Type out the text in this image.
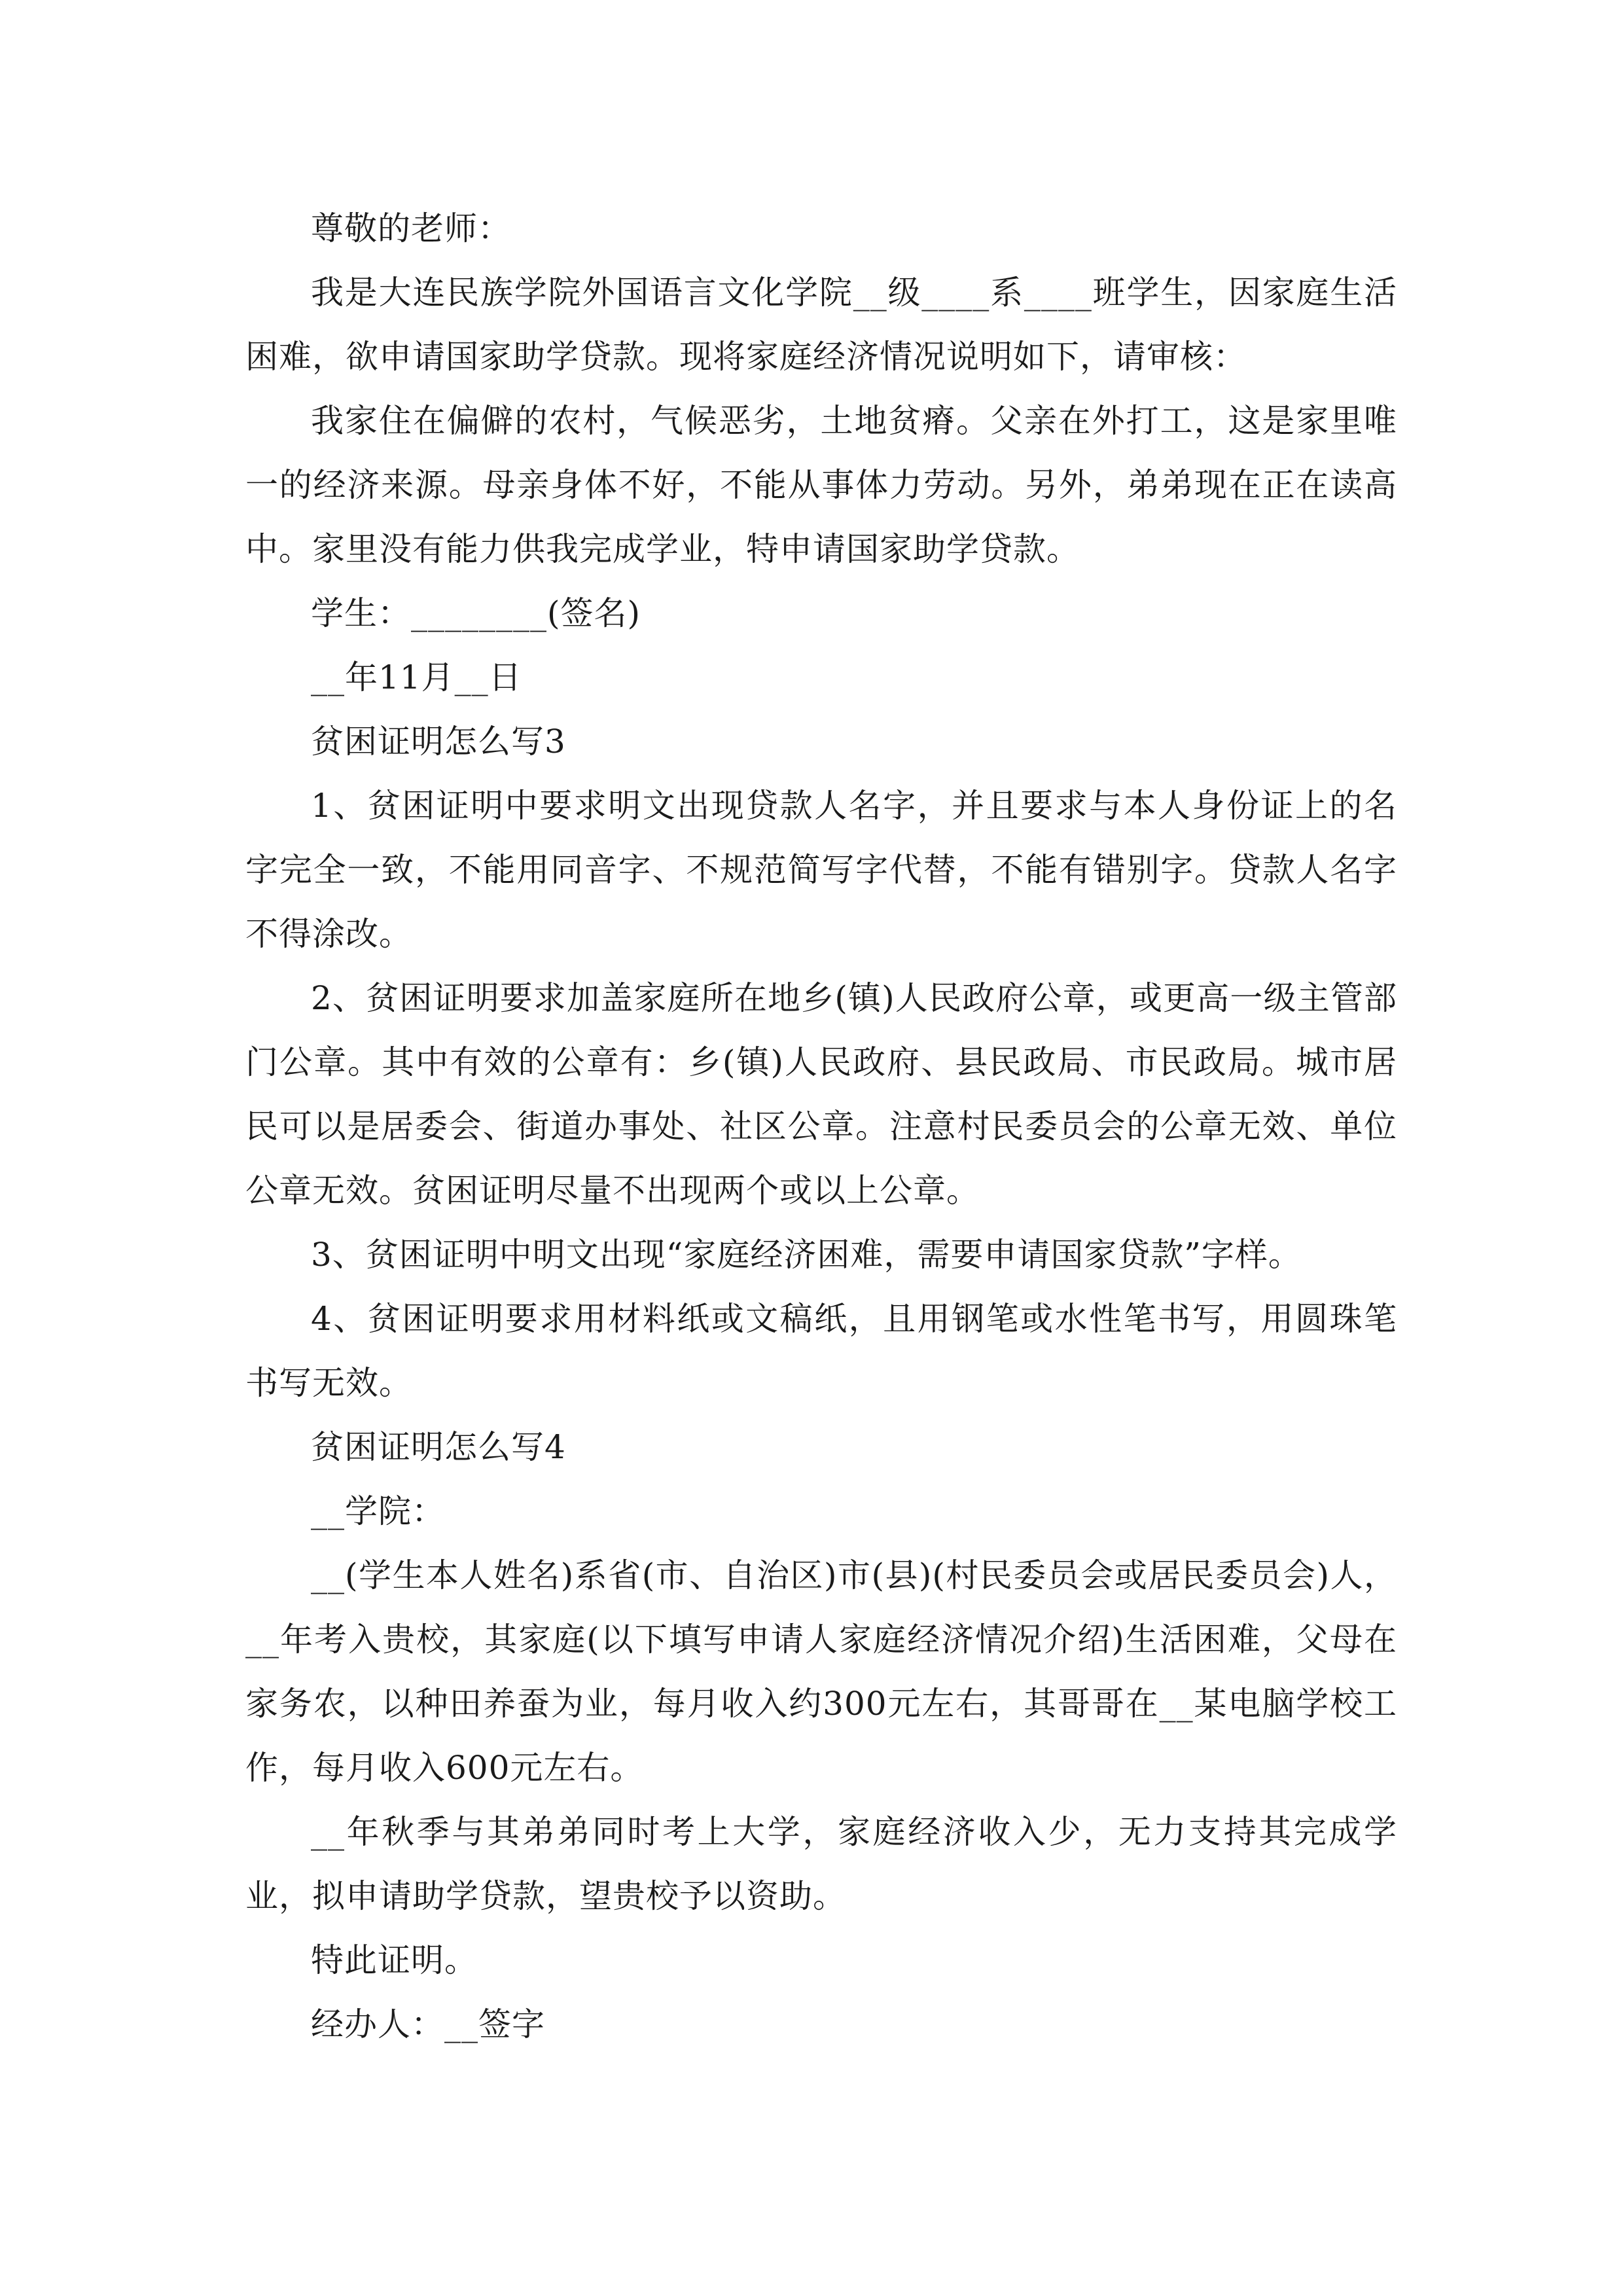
尊敬的老师：

我是大连民族学院外国语言文化学院__级____系____班学生，因家庭生活困难，欲申请国家助学贷款。现将家庭经济情况说明如下，请审核：

我家住在偏僻的农村，气候恶劣，土地贫瘠。父亲在外打工，这是家里唯一的经济来源。母亲身体不好，不能从事体力劳动。另外，弟弟现在正在读高中。家里没有能力供我完成学业，特申请国家助学贷款。

学生：________(签名)

__年11月__日

贫困证明怎么写3

1、贫困证明中要求明文出现贷款人名字，并且要求与本人身份证上的名字完全一致，不能用同音字、不规范简写字代替，不能有错别字。贷款人名字不得涂改。

2、贫困证明要求加盖家庭所在地乡(镇)人民政府公章，或更高一级主管部门公章。其中有效的公章有：乡(镇)人民政府、县民政局、市民政局。城市居民可以是居委会、街道办事处、社区公章。注意村民委员会的公章无效、单位公章无效。贫困证明尽量不出现两个或以上公章。

3、贫困证明中明文出现“家庭经济困难，需要申请国家贷款”字样。

4、贫困证明要求用材料纸或文稿纸，且用钢笔或水性笔书写，用圆珠笔书写无效。

贫困证明怎么写4

__学院：

__(学生本人姓名)系省(市、自治区)市(县)(村民委员会或居民委员会)人，__年考入贵校，其家庭(以下填写申请人家庭经济情况介绍)生活困难，父母在家务农，以种田养蚕为业，每月收入约300元左右，其哥哥在__某电脑学校工作，每月收入600元左右。

__年秋季与其弟弟同时考上大学，家庭经济收入少，无力支持其完成学业，拟申请助学贷款，望贵校予以资助。

特此证明。

经办人：__签字
